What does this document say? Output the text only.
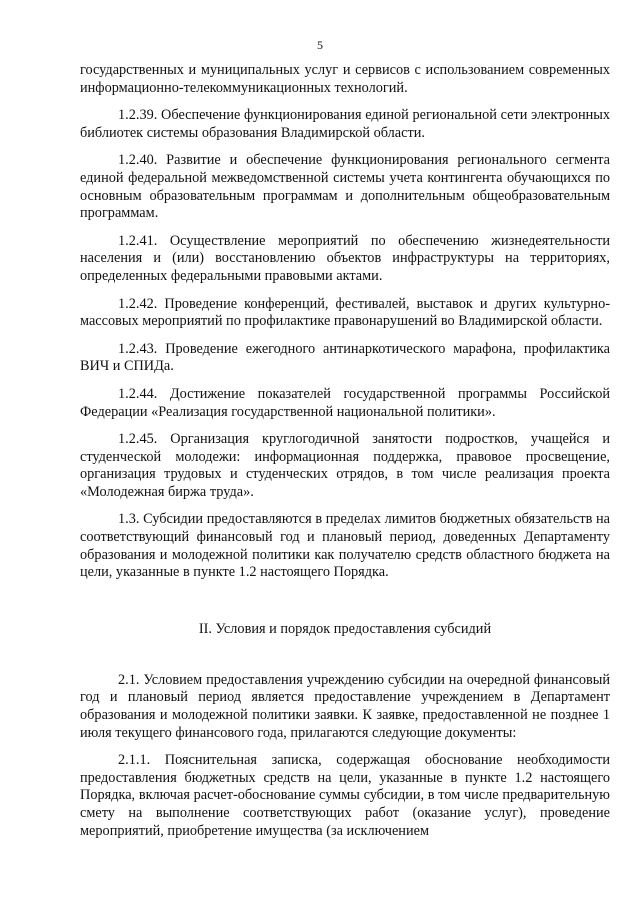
5

государственных и муниципальных услуг и сервисов с использованием современных информационно-телекоммуникационных технологий.

1.2.39. Обеспечение функционирования единой региональной сети электронных библиотек системы образования Владимирской области.

1.2.40. Развитие и обеспечение функционирования регионального сегмента единой федеральной межведомственной системы учета контингента обучающихся по основным образовательным программам и дополнительным общеобразовательным программам.

1.2.41. Осуществление мероприятий по обеспечению жизнедеятельности населения и (или) восстановлению объектов инфраструктуры на территориях, определенных федеральными правовыми актами.

1.2.42. Проведение конференций, фестивалей, выставок и других культурно-массовых мероприятий по профилактике правонарушений во Владимирской области.

1.2.43. Проведение ежегодного антинаркотического марафона, профилактика ВИЧ и СПИДа.

1.2.44. Достижение показателей государственной программы Российской Федерации «Реализация государственной национальной политики».

1.2.45. Организация круглогодичной занятости подростков, учащейся и студенческой молодежи: информационная поддержка, правовое просвещение, организация трудовых и студенческих отрядов, в том числе реализация проекта «Молодежная биржа труда».

1.3. Субсидии предоставляются в пределах лимитов бюджетных обязательств на соответствующий финансовый год и плановый период, доведенных Департаменту образования и молодежной политики как получателю средств областного бюджета на цели, указанные в пункте 1.2 настоящего Порядка.

II. Условия и порядок предоставления субсидий

2.1. Условием предоставления учреждению субсидии на очередной финансовый год и плановый период является предоставление учреждением в Департамент образования и молодежной политики заявки. К заявке, предоставленной не позднее 1 июля текущего финансового года, прилагаются следующие документы:

2.1.1. Пояснительная записка, содержащая обоснование необходимости предоставления бюджетных средств на цели, указанные в пункте 1.2 настоящего Порядка, включая расчет-обоснование суммы субсидии, в том числе предварительную смету на выполнение соответствующих работ (оказание услуг), проведение мероприятий, приобретение имущества (за исключением
